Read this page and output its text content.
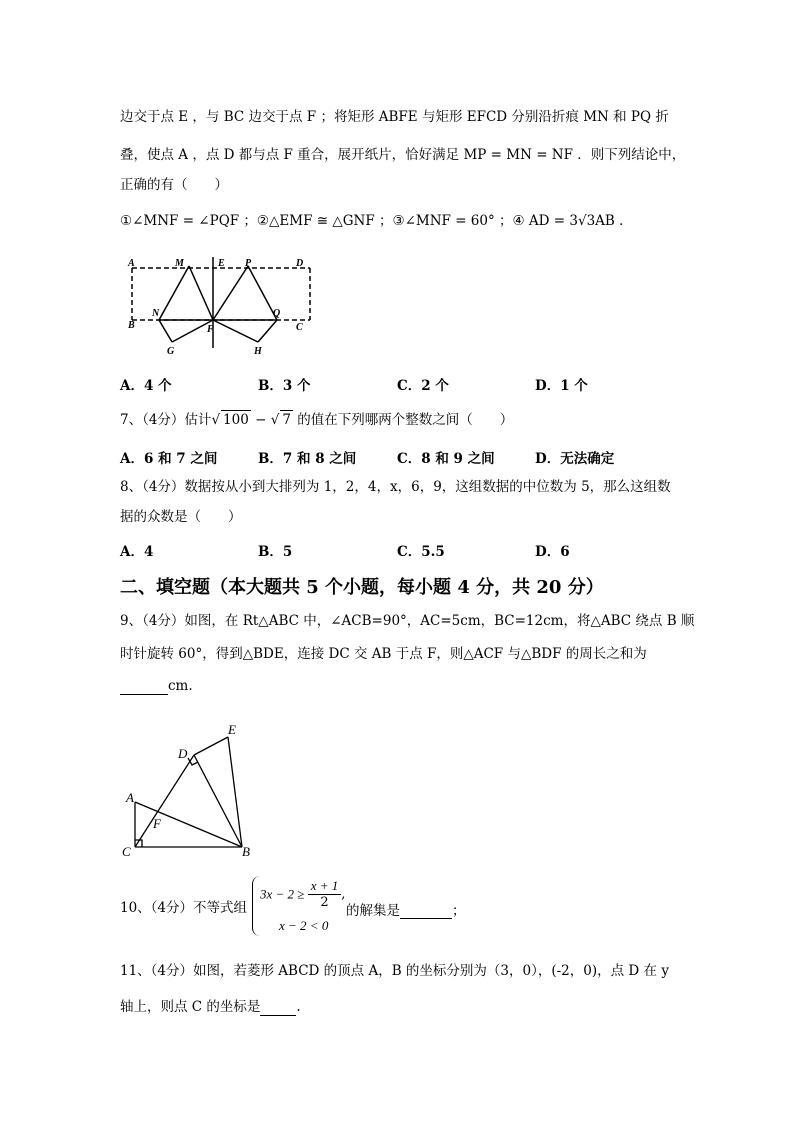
边交于点 E ，与 BC 边交于点 F ；将矩形 ABFE 与矩形 EFCD 分别沿折痕 MN 和 PQ 折
叠，使点 A ，点 D 都与点 F 重合，展开纸片，恰好满足 MP = MN = NF ．则下列结论中，
正确的有（　　）
①∠MNF = ∠PQF ；②△EMF ≅ △GNF ；③∠MNF = 60° ；④ AD = 3√3AB ．
A	M	E P	D
N	Q
B	F	C
G	H
A．4 个	B．3 个	C．2 个	D．1 个
7、（4分）估计√ 100 − √ 7 的值在下列哪两个整数之间（　　）
A．6 和 7 之间	B．7 和 8 之间	C．8 和 9 之间	D．无法确定
8、（4分）数据按从小到大排列为 1，2，4，x，6，9，这组数据的中位数为 5，那么这组数
据的众数是（　　）
A．4	B．5	C．5.5	D．6
二、填空题（本大题共 5 个小题，每小题 4 分，共 20 分）
9、（4分）如图，在 Rt△ABC 中，∠ACB=90°，AC=5cm，BC=12cm，将△ABC 绕点 B 顺
时针旋转 60°，得到△BDE，连接 DC 交 AB 于点 F，则△ACF 与△BDF 的周长之和为
cm.
E
D
A
F
C	B
10、（4分）不等式组
$3x - 2 \ge \frac{x + 1}{2}$ ,
x − 2 < 0
的解集是	；
11、（4分）如图，若菱形 ABCD 的顶点 A，B 的坐标分别为（3，0），(-2，0)，点 D 在 y
轴上，则点 C 的坐标是	.
